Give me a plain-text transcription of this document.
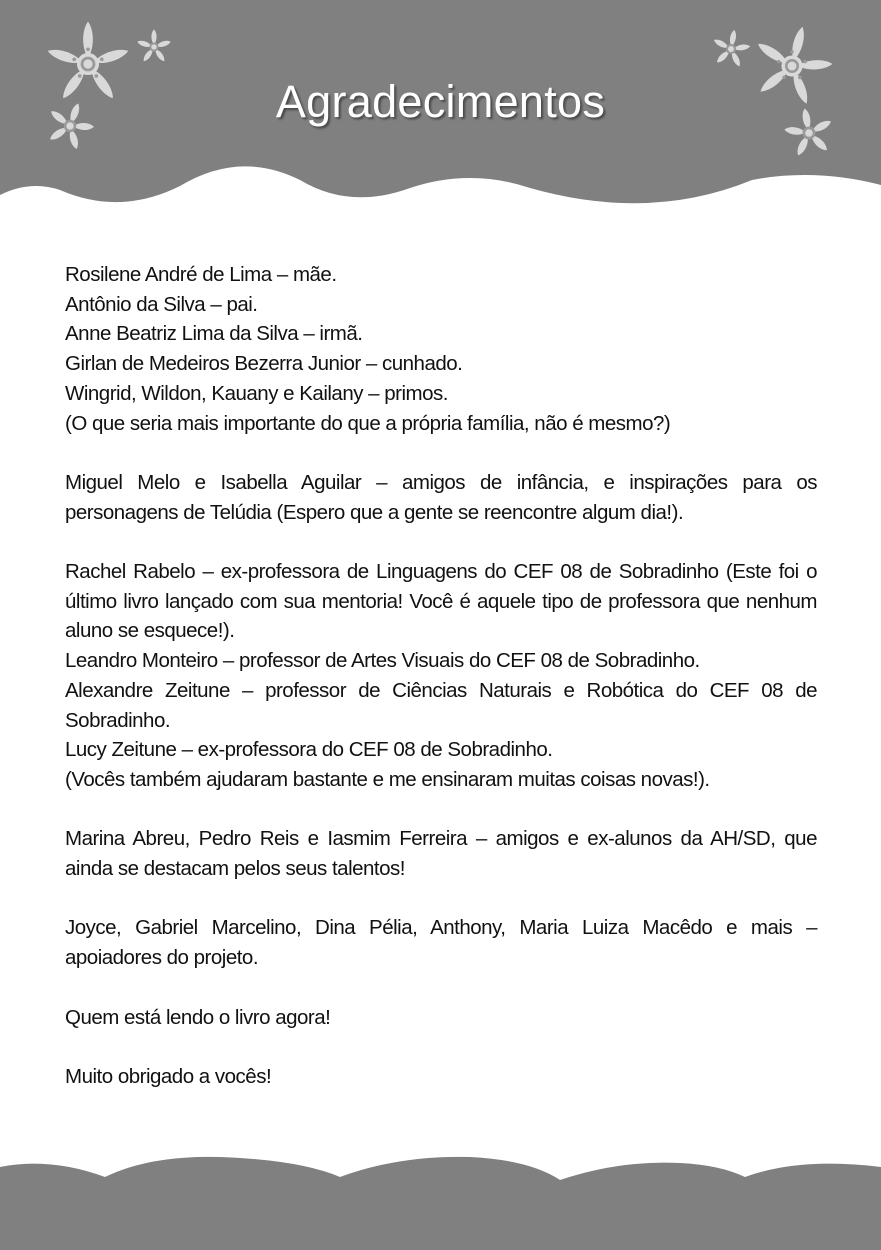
Agradecimentos

Rosilene André de Lima – mãe.
Antônio da Silva – pai.
Anne Beatriz Lima da Silva – irmã.
Girlan de Medeiros Bezerra Junior – cunhado.
Wingrid, Wildon, Kauany e Kailany – primos.
(O que seria mais importante do que a própria família, não é mesmo?)

Miguel Melo e Isabella Aguilar – amigos de infância, e inspirações para os personagens de Telúdia (Espero que a gente se reencontre algum dia!).

Rachel Rabelo – ex-professora de Linguagens do CEF 08 de Sobradinho (Este foi o último livro lançado com sua mentoria! Você é aquele tipo de professora que nenhum aluno se esquece!).
Leandro Monteiro – professor de Artes Visuais do CEF 08 de Sobradinho.
Alexandre Zeitune – professor de Ciências Naturais e Robótica do CEF 08 de Sobradinho.
Lucy Zeitune – ex-professora do CEF 08 de Sobradinho.
(Vocês também ajudaram bastante e me ensinaram muitas coisas novas!).

Marina Abreu, Pedro Reis e Iasmim Ferreira – amigos e ex-alunos da AH/SD, que ainda se destacam pelos seus talentos!

Joyce, Gabriel Marcelino, Dina Pélia, Anthony, Maria Luiza Macêdo e mais – apoiadores do projeto.

Quem está lendo o livro agora!

Muito obrigado a vocês!
